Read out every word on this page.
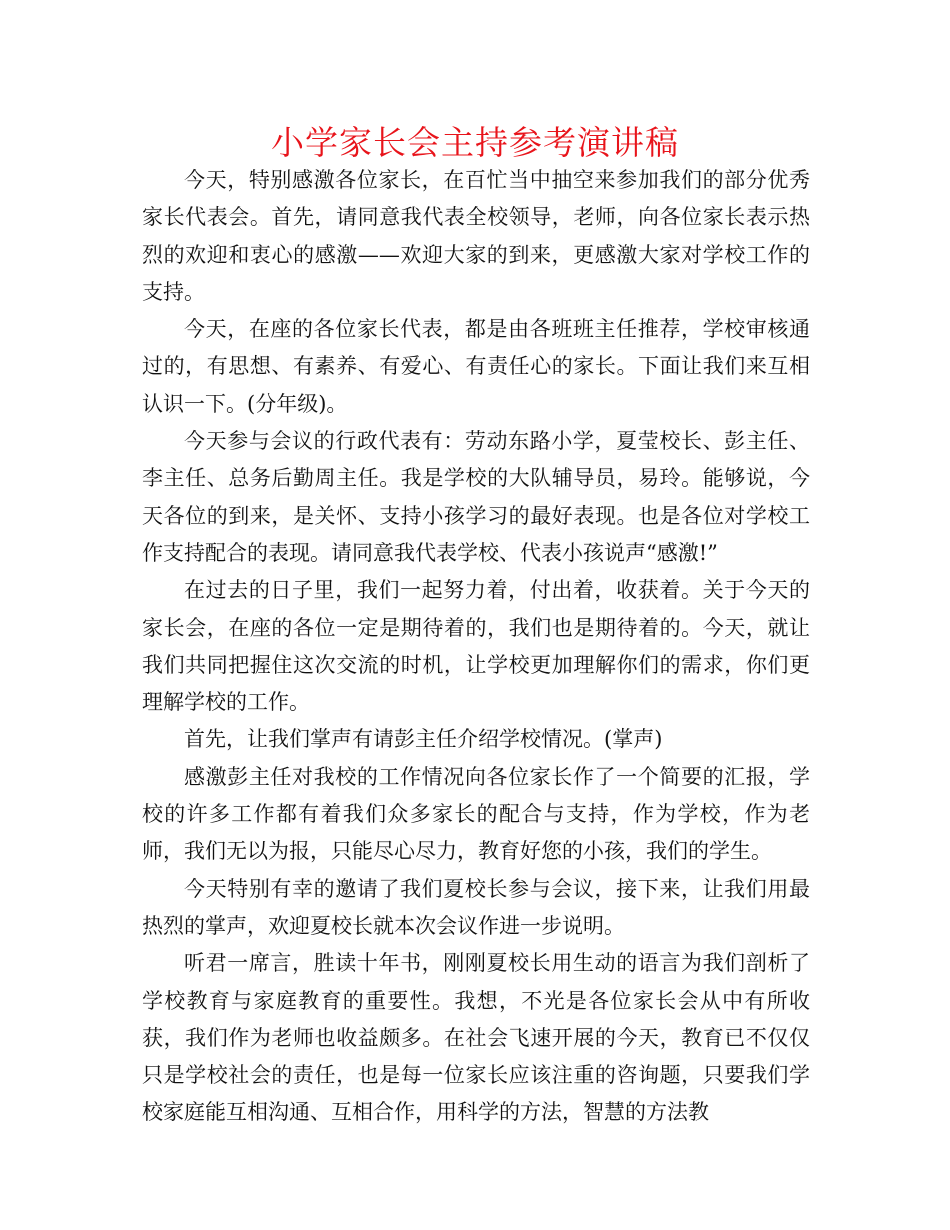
小学家长会主持参考演讲稿

今天，特别感激各位家长，在百忙当中抽空来参加我们的部分优秀家长代表会。首先，请同意我代表全校领导，老师，向各位家长表示热烈的欢迎和衷心的感激——欢迎大家的到来，更感激大家对学校工作的支持。

今天，在座的各位家长代表，都是由各班班主任推荐，学校审核通过的，有思想、有素养、有爱心、有责任心的家长。下面让我们来互相认识一下。(分年级)。

今天参与会议的行政代表有：劳动东路小学，夏莹校长、彭主任、李主任、总务后勤周主任。我是学校的大队辅导员，易玲。能够说，今天各位的到来，是关怀、支持小孩学习的最好表现。也是各位对学校工作支持配合的表现。请同意我代表学校、代表小孩说声“感激!”

在过去的日子里，我们一起努力着，付出着，收获着。关于今天的家长会，在座的各位一定是期待着的，我们也是期待着的。今天，就让我们共同把握住这次交流的时机，让学校更加理解你们的需求，你们更理解学校的工作。

首先，让我们掌声有请彭主任介绍学校情况。(掌声)

感激彭主任对我校的工作情况向各位家长作了一个简要的汇报，学校的许多工作都有着我们众多家长的配合与支持，作为学校，作为老师，我们无以为报，只能尽心尽力，教育好您的小孩，我们的学生。

今天特别有幸的邀请了我们夏校长参与会议，接下来，让我们用最热烈的掌声，欢迎夏校长就本次会议作进一步说明。

听君一席言，胜读十年书，刚刚夏校长用生动的语言为我们剖析了学校教育与家庭教育的重要性。我想，不光是各位家长会从中有所收获，我们作为老师也收益颇多。在社会飞速开展的今天，教育已不仅仅只是学校社会的责任，也是每一位家长应该注重的咨询题，只要我们学校家庭能互相沟通、互相合作，用科学的方法，智慧的方法教
